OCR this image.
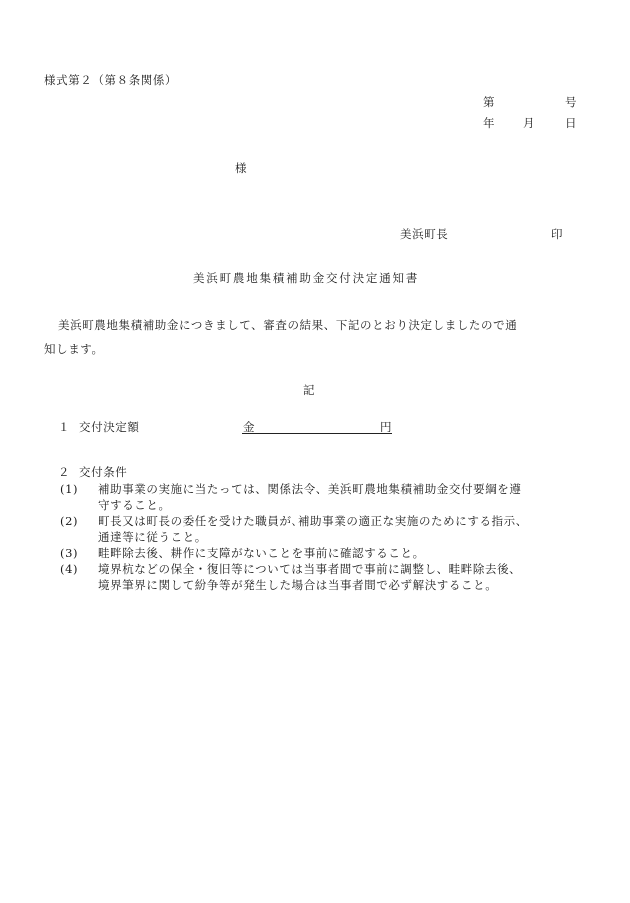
様式第２（第８条関係）
第	号
年 月	日
様
美浜町長	印
美浜町農地集積補助金交付決定通知書
美浜町農地集積補助金につきまして、審査の結果、下記のとおり決定しましたので通
知します。
記
１ 交付決定額	金	円
２ 交付条件
(1)	補助事業の実施に当たっては、関係法令、美浜町農地集積補助金交付要綱を遵
守すること。
(2)	町長又は町長の委任を受けた職員が､補助事業の適正な実施のためにする指示、
通達等に従うこと。
(3)	畦畔除去後、耕作に支障がないことを事前に確認すること。
(4)	境界杭などの保全・復旧等については当事者間で事前に調整し、畦畔除去後、
境界筆界に関して紛争等が発生した場合は当事者間で必ず解決すること。
